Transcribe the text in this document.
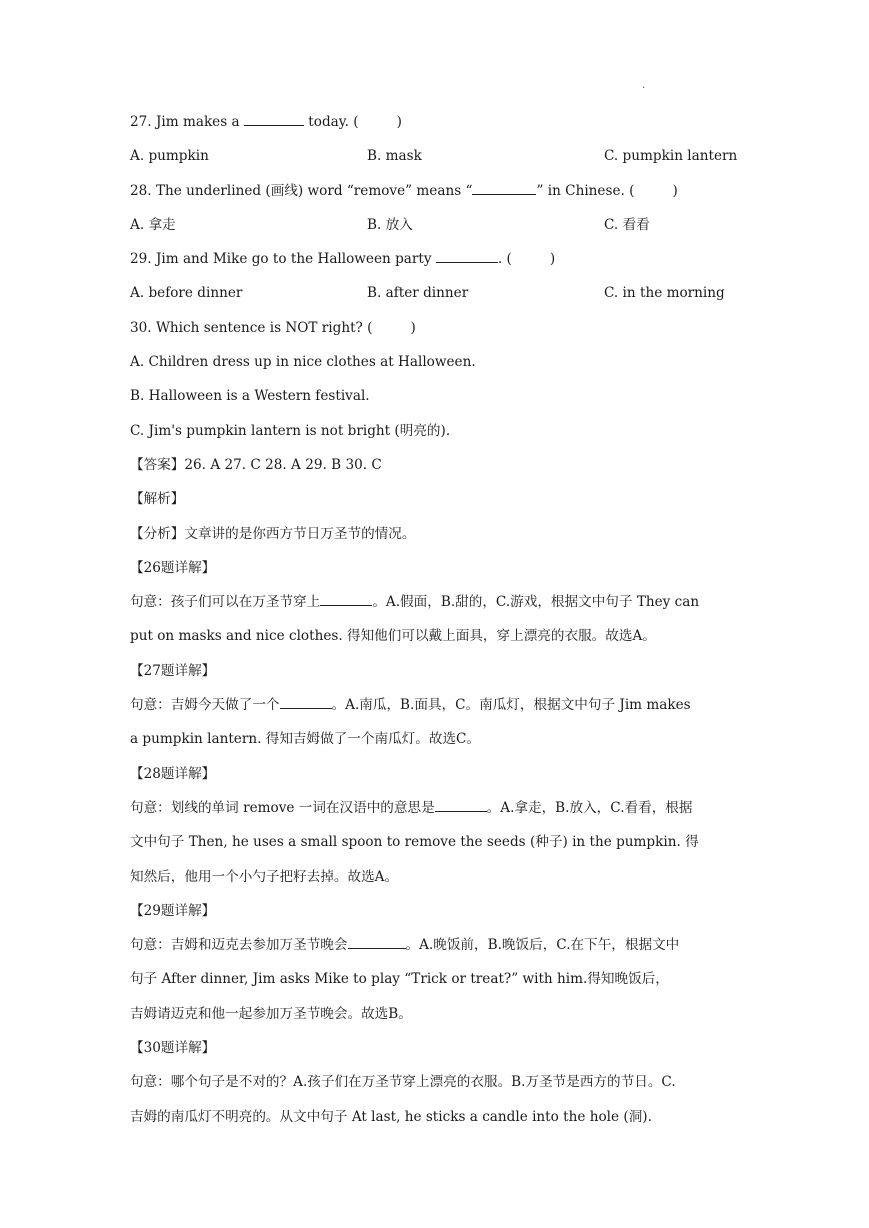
.
27. Jim makes a	today. (	)
A. pumpkin	B. mask	C. pumpkin lantern
28. The underlined (画线) word “remove” means “	” in Chinese. (	)
A. 拿走	B. 放入	C. 看看
29. Jim and Mike go to the Halloween party	. (	)
A. before dinner	B. after dinner	C. in the morning
30. Which sentence is NOT right? (	)
A. Children dress up in nice clothes at Halloween.
B. Halloween is a Western festival.
C. Jim's pumpkin lantern is not bright (明亮的).
【答案】26. A 27. C 28. A 29. B 30. C
【解析】
【分析】文章讲的是你西方节日万圣节的情况。
【26题详解】
句意：孩子们可以在万圣节穿上	。A.假面，B.甜的，C.游戏，根据文中句子 They can
put on masks and nice clothes. 得知他们可以戴上面具，穿上漂亮的衣服。故选A。
【27题详解】
句意：吉姆今天做了一个	。A.南瓜，B.面具，C。南瓜灯，根据文中句子 Jim makes
a pumpkin lantern. 得知吉姆做了一个南瓜灯。故选C。
【28题详解】
句意：划线的单词 remove 一词在汉语中的意思是	。A.拿走，B.放入，C.看看，根据
文中句子 Then, he uses a small spoon to remove the seeds (种子) in the pumpkin. 得
知然后，他用一个小勺子把籽去掉。故选A。
【29题详解】
句意：吉姆和迈克去参加万圣节晚会	。A.晚饭前，B.晚饭后，C.在下午，根据文中
句子 After dinner, Jim asks Mike to play “Trick or treat?” with him.得知晚饭后，
吉姆请迈克和他一起参加万圣节晚会。故选B。
【30题详解】
句意：哪个句子是不对的？A.孩子们在万圣节穿上漂亮的衣服。B.万圣节是西方的节日。C.
吉姆的南瓜灯不明亮的。从文中句子 At last, he sticks a candle into the hole (洞).
